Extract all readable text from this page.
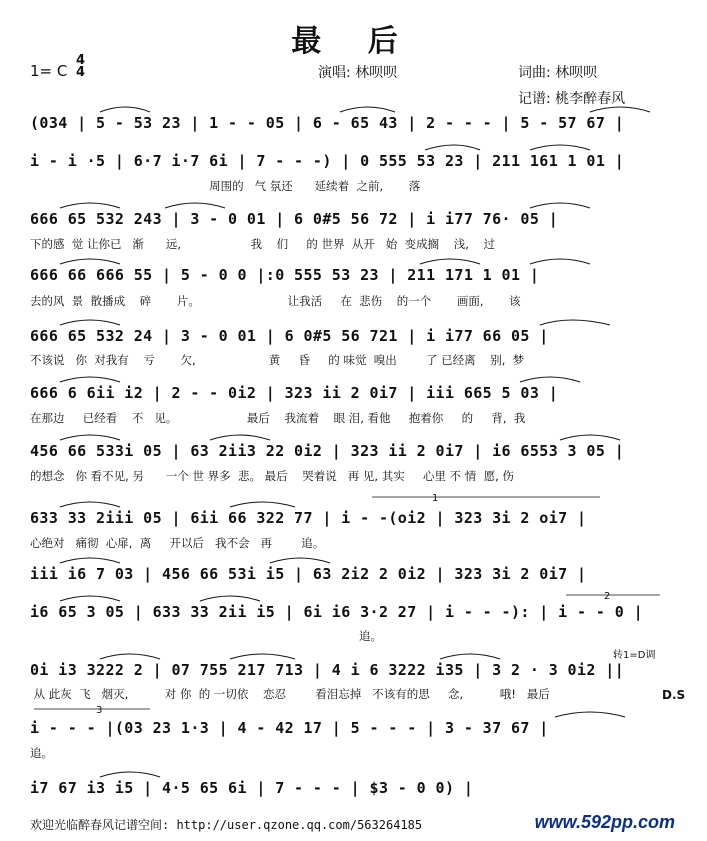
最 后
1= C
4
4	演唱: 林呗呗	词曲: 林呗呗
记谱: 桃李醉春风
(034 | 5 - 53 23 | 1 - - 05 | 6 - 65 43 | 2 - - - | 5 - 57 67 |
i - i ·5 | 6·7 i·7 6i | 7 - - -) | 0 555 53 23 | 211 161 1 01 |
周围的   气 氛还      延续着  之前,       落
666 65 532 243 | 3 - 0 01 | 6 0#5 56 72 | i i77 76· 05 |
下的感  觉 让你已   渐      远,                   我    们     的 世界  从开   始  变成搁    浅,    过
666 66 666 55 | 5 - 0 0 |:0 555 53 23 | 211 171 1 01 |
去的风  景  散播成    碎       片。                        让我活     在  悲伤    的一个       画面,       该
666 65 532 24 | 3 - 0 01 | 6 0#5 56 721 | i i77 66 05 |
不该说   你  对我有    亏       欠,                    黄     昏     的 味觉  嗅出        了 已经离    别,  梦
666 6 6ii i2 | 2 - - 0i2 | 323 ii 2 0i7 | iii 665 5 03 |
在那边     已经看    不   见。                   最后    我流着    眼 泪, 看他     抱着你     的     背,  我
456 66 533i 05 | 63 2ii3 22 0i2 | 323 ii 2 0i7 | i6 6553 3 05 |
的想念   你 看不见, 另      一个 世 界多  悲。 最后    哭着说   再 见, 其实     心里 不 情  愿, 伤
633 33 2iii 05 | 6ii 66 322 77 | i - -(oi2 | 323 3i 2 oi7 |
心绝对   痛彻  心扉,  离     开以后   我不会   再        追。
iii i6 7 03 | 456 66 53i i5 | 63 2i2 2 0i2 | 323 3i 2 0i7 |
i6 65 3 05 | 633 33 2ii i5 | 6i i6 3·2 27 | i - - -): | i - - 0 |
追。
0i i3 3222 2 | 07 755 217 713 | 4 i 6 3222 i35 | 3 2 · 3 0i2 ||
从 此灰  飞   烟灭,          对 你  的 一切依    恋忍        看泪忘掉   不该有的思     念,          哦!   最后
i - - - |(03 23 1·3 | 4 - 42 17 | 5 - - - | 3 - 37 67 |
追。
i7 67 i3 i5 | 4·5 65 6i | 7 - - - | $3 - 0 0) |
1
2
3
转1=D调
D.S
欢迎光临醉春风记谱空间: http://user.qzone.qq.com/563264185	www.592pp.com
